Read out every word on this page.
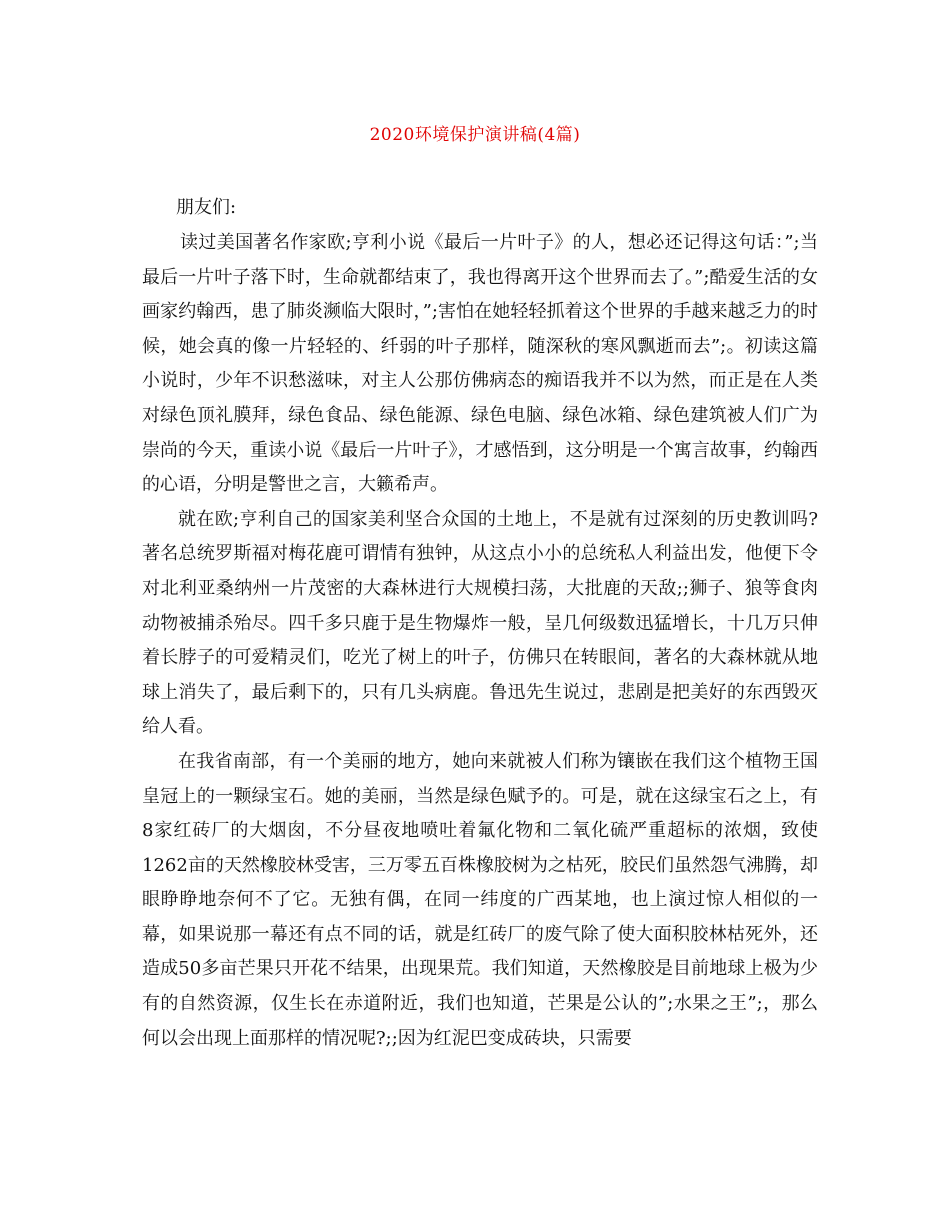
2020环境保护演讲稿(4篇)
朋友们:

读过美国著名作家欧;亨利小说《最后一片叶子》的人，想必还记得这句话：”;当最后一片叶子落下时，生命就都结束了，我也得离开这个世界而去了。”;酷爱生活的女画家约翰西，患了肺炎濒临大限时，”;害怕在她轻轻抓着这个世界的手越来越乏力的时候，她会真的像一片轻轻的、纤弱的叶子那样，随深秋的寒风飘逝而去”;。初读这篇小说时，少年不识愁滋味，对主人公那仿佛病态的痴语我并不以为然，而正是在人类对绿色顶礼膜拜，绿色食品、绿色能源、绿色电脑、绿色冰箱、绿色建筑被人们广为崇尚的今天，重读小说《最后一片叶子》，才感悟到，这分明是一个寓言故事，约翰西的心语，分明是警世之言，大籁希声。

就在欧;亨利自己的国家美利坚合众国的土地上，不是就有过深刻的历史教训吗?著名总统罗斯福对梅花鹿可谓情有独钟，从这点小小的总统私人利益出发，他便下令对北利亚桑纳州一片茂密的大森林进行大规模扫荡，大批鹿的天敌;;狮子、狼等食肉动物被捕杀殆尽。四千多只鹿于是生物爆炸一般，呈几何级数迅猛增长，十几万只伸着长脖子的可爱精灵们，吃光了树上的叶子，仿佛只在转眼间，著名的大森林就从地球上消失了，最后剩下的，只有几头病鹿。鲁迅先生说过，悲剧是把美好的东西毁灭给人看。

在我省南部，有一个美丽的地方，她向来就被人们称为镶嵌在我们这个植物王国皇冠上的一颗绿宝石。她的美丽，当然是绿色赋予的。可是，就在这绿宝石之上，有8家红砖厂的大烟囱，不分昼夜地喷吐着氟化物和二氧化硫严重超标的浓烟，致使1262亩的天然橡胶林受害，三万零五百株橡胶树为之枯死，胶民们虽然怨气沸腾，却眼睁睁地奈何不了它。无独有偶，在同一纬度的广西某地，也上演过惊人相似的一幕，如果说那一幕还有点不同的话，就是红砖厂的废气除了使大面积胶林枯死外，还造成50多亩芒果只开花不结果，出现果荒。我们知道，天然橡胶是目前地球上极为少有的自然资源，仅生长在赤道附近，我们也知道，芒果是公认的”;水果之王”;，那么何以会出现上面那样的情况呢?;;因为红泥巴变成砖块，只需要
